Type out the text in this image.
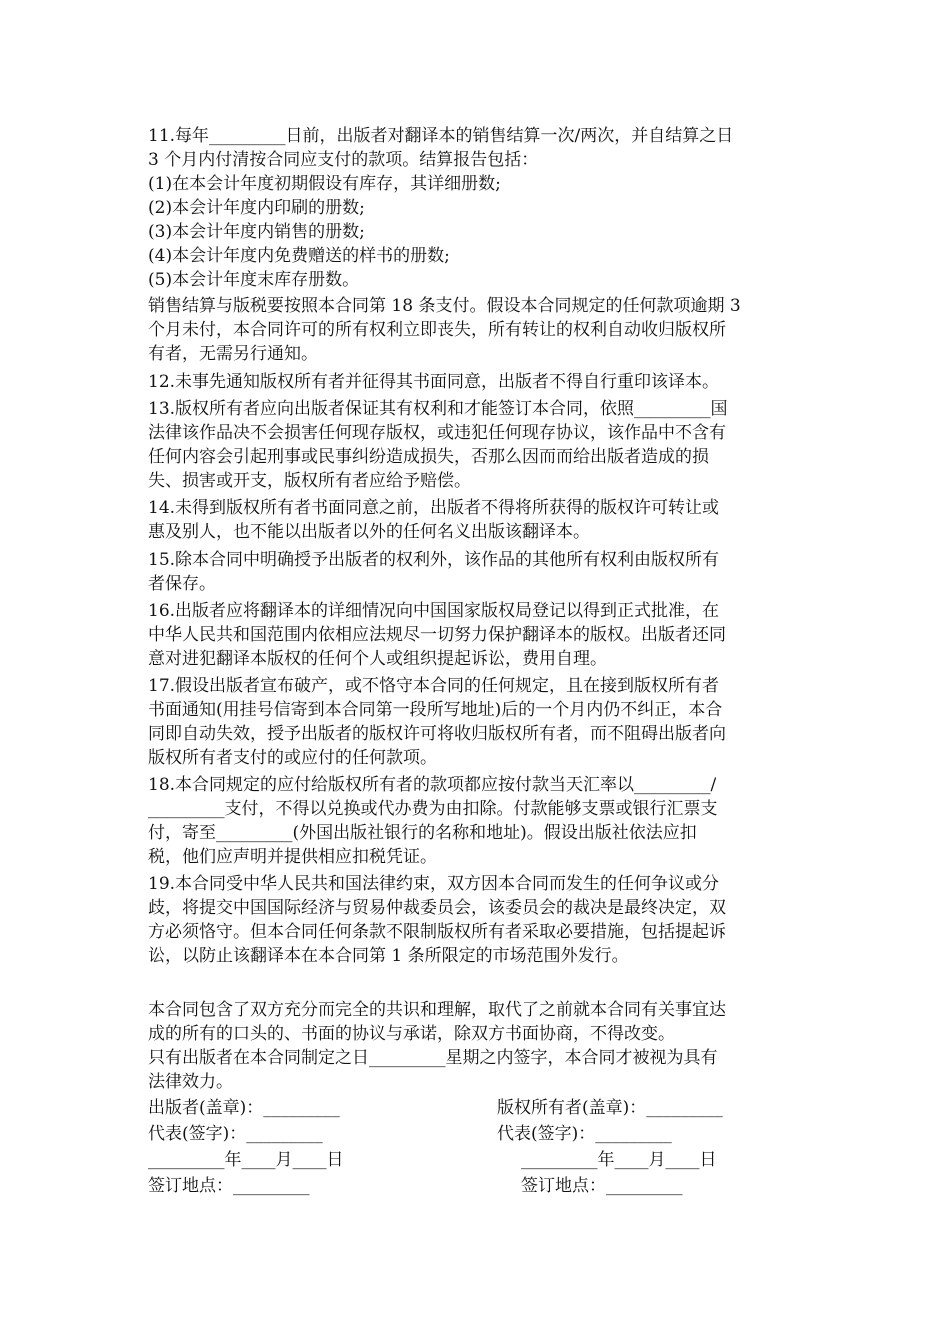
11.每年_________日前，出版者对翻译本的销售结算一次/两次，并自结算之日
3 个月内付清按合同应支付的款项。结算报告包括：
(1)在本会计年度初期假设有库存，其详细册数;
(2)本会计年度内印刷的册数;
(3)本会计年度内销售的册数;
(4)本会计年度内免费赠送的样书的册数;
(5)本会计年度末库存册数。
销售结算与版税要按照本合同第 18 条支付。假设本合同规定的任何款项逾期 3
个月未付，本合同许可的所有权利立即丧失，所有转让的权利自动收归版权所
有者，无需另行通知。
12.未事先通知版权所有者并征得其书面同意，出版者不得自行重印该译本。
13.版权所有者应向出版者保证其有权利和才能签订本合同，依照_________国
法律该作品决不会损害任何现存版权，或违犯任何现存协议，该作品中不含有
任何内容会引起刑事或民事纠纷造成损失，否那么因而而给出版者造成的损
失、损害或开支，版权所有者应给予赔偿。
14.未得到版权所有者书面同意之前，出版者不得将所获得的版权许可转让或
惠及别人，也不能以出版者以外的任何名义出版该翻译本。
15.除本合同中明确授予出版者的权利外，该作品的其他所有权利由版权所有
者保存。
16.出版者应将翻译本的详细情况向中国国家版权局登记以得到正式批准，在
中华人民共和国范围内依相应法规尽一切努力保护翻译本的版权。出版者还同
意对进犯翻译本版权的任何个人或组织提起诉讼，费用自理。
17.假设出版者宣布破产，或不恪守本合同的任何规定，且在接到版权所有者
书面通知(用挂号信寄到本合同第一段所写地址)后的一个月内仍不纠正，本合
同即自动失效，授予出版者的版权许可将收归版权所有者，而不阻碍出版者向
版权所有者支付的或应付的任何款项。
18.本合同规定的应付给版权所有者的款项都应按付款当天汇率以_________/
_________支付，不得以兑换或代办费为由扣除。付款能够支票或银行汇票支
付，寄至_________(外国出版社银行的名称和地址)。假设出版社依法应扣
税，他们应声明并提供相应扣税凭证。
19.本合同受中华人民共和国法律约束，双方因本合同而发生的任何争议或分
歧，将提交中国国际经济与贸易仲裁委员会，该委员会的裁决是最终决定，双
方必须恪守。但本合同任何条款不限制版权所有者采取必要措施，包括提起诉
讼，以防止该翻译本在本合同第 1 条所限定的市场范围外发行。
本合同包含了双方充分而完全的共识和理解，取代了之前就本合同有关事宜达
成的所有的口头的、书面的协议与承诺，除双方书面协商，不得改变。
只有出版者在本合同制定之日_________星期之内签字，本合同才被视为具有
法律效力。
出版者(盖章)：_________
代表(签字)：_________
_________年____月____日
签订地点：_________
版权所有者(盖章)：_________
代表(签字)：_________
_________年____月____日
签订地点：_________
